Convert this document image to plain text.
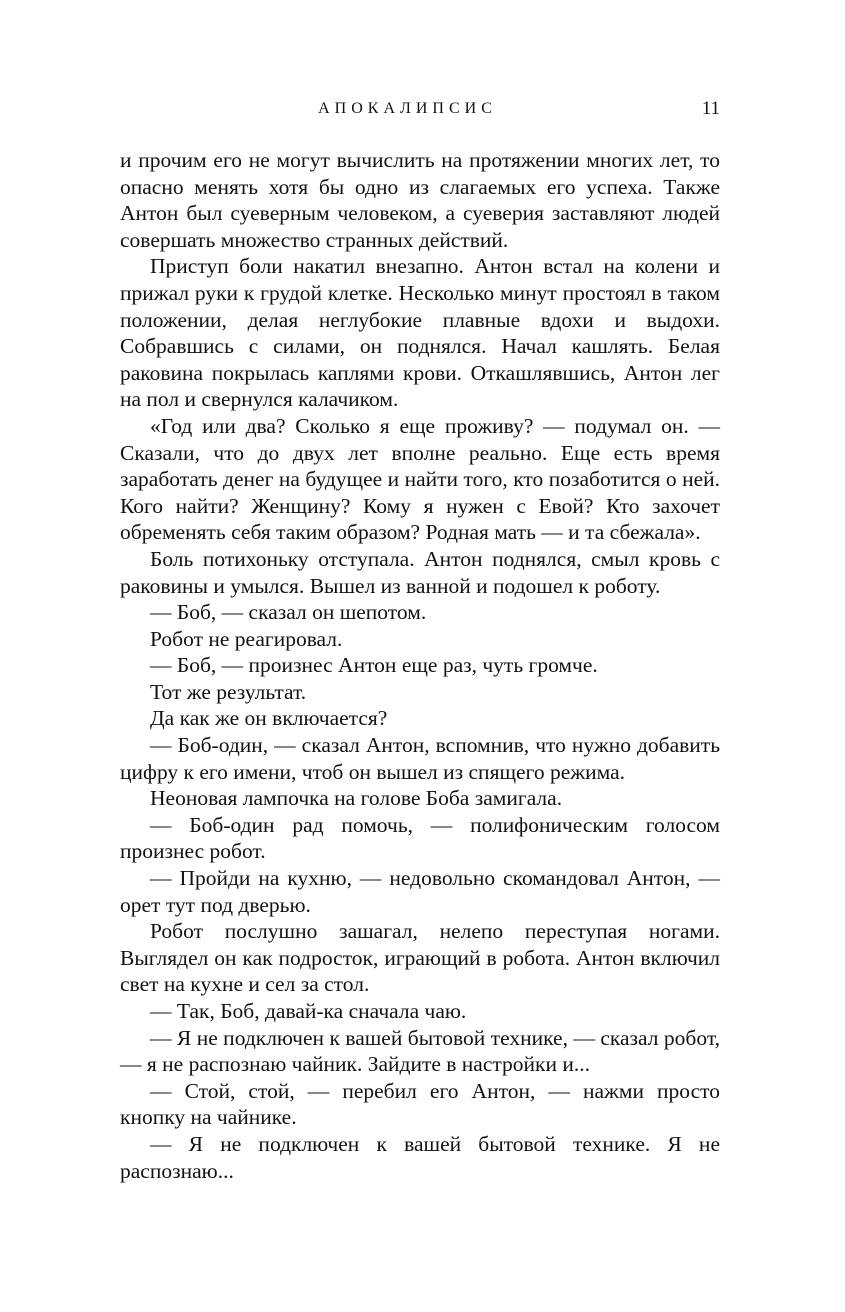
АПОКАЛИПСИС	11

и прочим его не могут вычислить на протяжении многих лет, то опасно менять хотя бы одно из слагаемых его успеха. Также Антон был суеверным человеком, а суеверия заставляют людей совершать множество странных действий.

Приступ боли накатил внезапно. Антон встал на колени и прижал руки к грудой клетке. Несколько минут простоял в таком положении, делая неглубокие плавные вдохи и выдохи. Собравшись с силами, он поднялся. Начал кашлять. Белая раковина покрылась каплями крови. Откашлявшись, Антон лег на пол и свернулся калачиком.

«Год или два? Сколько я еще проживу? — подумал он. — Сказали, что до двух лет вполне реально. Еще есть время заработать денег на будущее и найти того, кто позаботится о ней. Кого найти? Женщину? Кому я нужен с Евой? Кто захочет обременять себя таким образом? Родная мать — и та сбежала».

Боль потихоньку отступала. Антон поднялся, смыл кровь с раковины и умылся. Вышел из ванной и подошел к роботу.

— Боб, — сказал он шепотом.

Робот не реагировал.

— Боб, — произнес Антон еще раз, чуть громче.

Тот же результат.

Да как же он включается?

— Боб-один, — сказал Антон, вспомнив, что нужно добавить цифру к его имени, чтоб он вышел из спящего режима.

Неоновая лампочка на голове Боба замигала.

— Боб-один рад помочь, — полифоническим голосом произнес робот.

— Пройди на кухню, — недовольно скомандовал Антон, — орет тут под дверью.

Робот послушно зашагал, нелепо переступая ногами. Выглядел он как подросток, играющий в робота. Антон включил свет на кухне и сел за стол.

— Так, Боб, давай-ка сначала чаю.

— Я не подключен к вашей бытовой технике, — сказал робот, — я не распознаю чайник. Зайдите в настройки и...

— Стой, стой, — перебил его Антон, — нажми просто кнопку на чайнике.

— Я не подключен к вашей бытовой технике. Я не распознаю...
